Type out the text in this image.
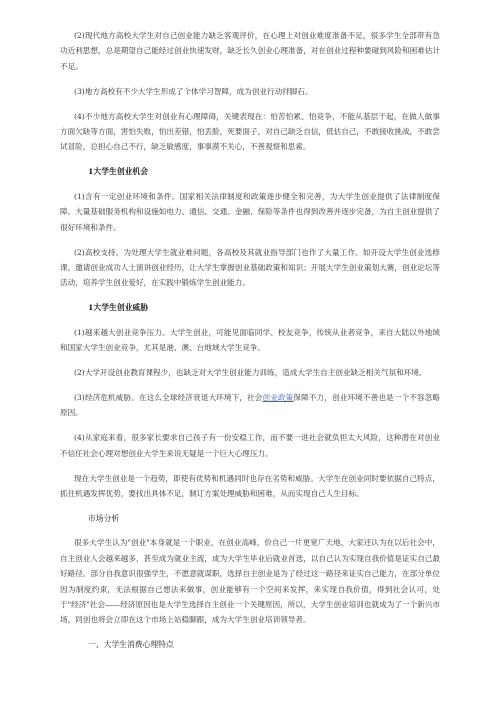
(2)现代地方高校大学生对自己创业能力缺乏客观评价，在心理上对创业难度准备不足，很多学生全部带有急功近利思想，总是期望自己能经过创业快速发财，缺乏长久创业心理准备，对在创业过程种要碰到风险和困难估计不足。

(3)地方高校有不少大学生形成了个体学习智障，成为创业行动拌脚石。

(4)不少地方高校大学生对创业有心理障碍，关键表现在：怕苦怕累、怕竞争，不能从基层干起，在做人做事方面欠缺等方面，害怕失败，怕出差错，怕丢脸，死要面子，对自己缺乏自信，低估自己，不敢接收挑战，不敢尝试冒险，总担心自己不行，缺乏敏感度，事事漠不关心，不善观察和思索。

1大学生创业机会

(1)含有一定创业环境和条件。国家相关法律制度和政策逐步健全和完善，为大学生创业提供了法律制度保障。大量基础服务机构和设施如电力、通信、交通、金融、保险等条件也得到改善并逐步完备，为自主创业提供了很好环境和条件。

(2)高校支持。为处理大学生就业难问题，各高校及其就业指导部门也作了大量工作。如开设大学生创业选修课，邀请创业成功人士演讲创业经历，让大学生掌握创业基础政策和知识；开展大学生创业策划大赛，创业论坛等活动，培养学生创业爱好，在实践中锻炼学生创业能力。

1大学生创业威胁

(1)越来越大创业竞争压力。大学生创业，可能见面临同学、校友竞争，传统从业者竞争，来自大陆以外地域和国家大学生创业竞争，尤其是港、澳、台地域大学生竞争。

(2)大学开设创业教育课程少，也缺乏对大学生创业能力训练，造成大学生自主创业缺乏相关气氛和环境。

(3)经济危机威胁。在这么全球经济衰退大环境下，社会创业政策保障不力，创业环境不善也是一个不容忽略原因。

(4)从家庭来看，很多家长要求自己孩子有一份安稳工作，而不要一进社会就负担太大风险，这种潜在对创业不信任社会心理对想创业大学生来说无疑是一个巨大心理压力。

现在大学生创业是一个趋势，即使有优势和机遇同时也存在劣势和威胁。大学生在创业同时要依据自己特点，抓住机遇发挥优势，要找出具体不足，制订方案处理威胁和困难，从而实现自己人生目标。

市场分析

很多大学生认为"创业"本身就是一个职业，在创业高峰，价自己一片更宽广天地，大家还认为在以后社会中，自主创业人会越来越多，甚至成为就业主流，成为大学生毕业后就业首选，以自己认为实现自我价值是证实自己最好路径。部分自我意识很强学生，不愿意就谋职，选择自主创业是为了经过这一路径来证实自己能力，在部分单位因为制度约束，无法根据自己想法来做事，创业能够有一个空间来发挥，来实现自我价值，得到社会认可，处于"经济"社会——经济原因也是大学生选择自主创业一个关键原因，所以，大学生创业培训也就成为了一个新兴市场，同创也将会立即在这个市场上站稳脚跟，成为大学生创业培训领导者。

一、大学生消费心理特点
